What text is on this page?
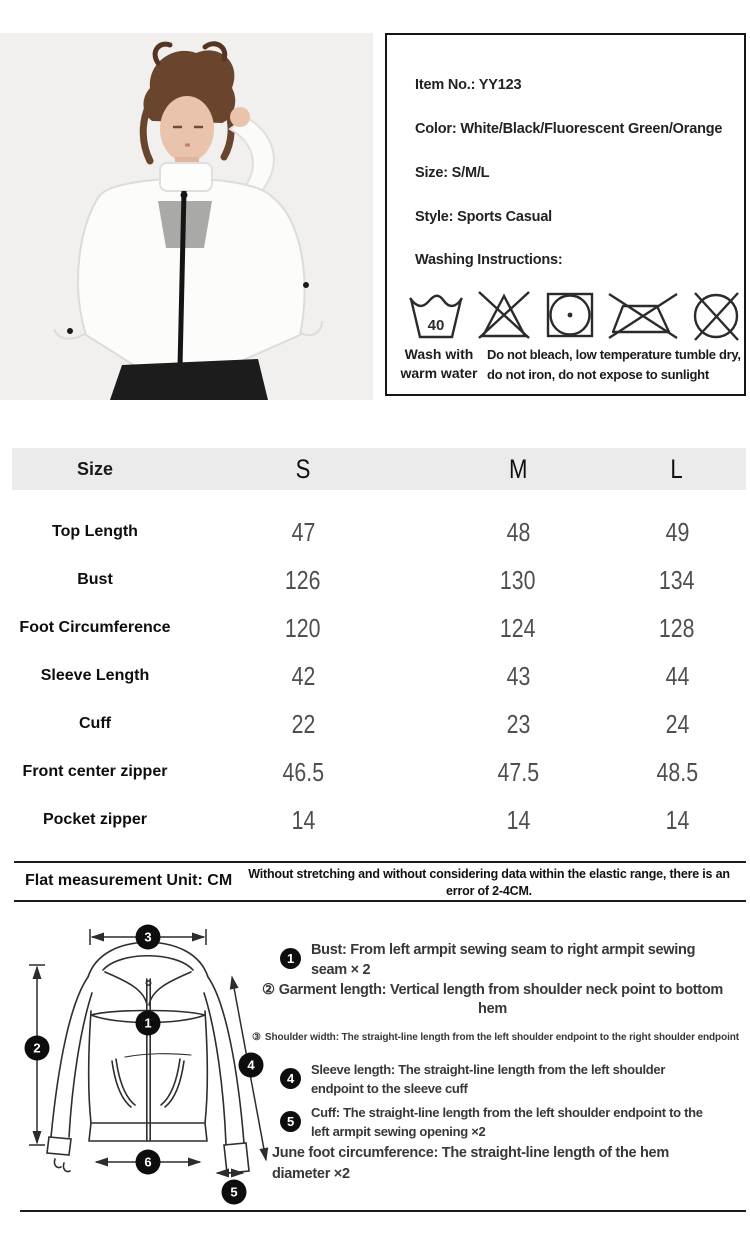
Item No.: YY123
Color: White/Black/Fluorescent Green/Orange
Size: S/M/L
Style: Sports Casual
Washing Instructions:
40
Wash with
warm water
Do not bleach, low temperature tumble dry,
do not iron, do not expose to sunlight
Size	S	M	L
Top Length	47	48	49
Bust	126	130	134
Foot Circumference	120	124	128
Sleeve Length	42	43	44
Cuff	22	23	24
Front center zipper	46.5	47.5	48.5
Pocket zipper	14	14	14
Flat measurement Unit: CM	Without stretching and without considering data within the elastic range, there is an
error of 2-4CM.
3
2
1
4
6
5
1
Bust: From left armpit sewing seam to right armpit sewing
seam × 2
② Garment length: Vertical length from shoulder neck point to bottom
hem
③ Shoulder width: The straight-line length from the left shoulder endpoint to the right shoulder endpoint
4
Sleeve length: The straight-line length from the left shoulder
endpoint to the sleeve cuff
5
Cuff: The straight-line length from the left shoulder endpoint to the
left armpit sewing opening ×2
June foot circumference: The straight-line length of the hem
diameter ×2
